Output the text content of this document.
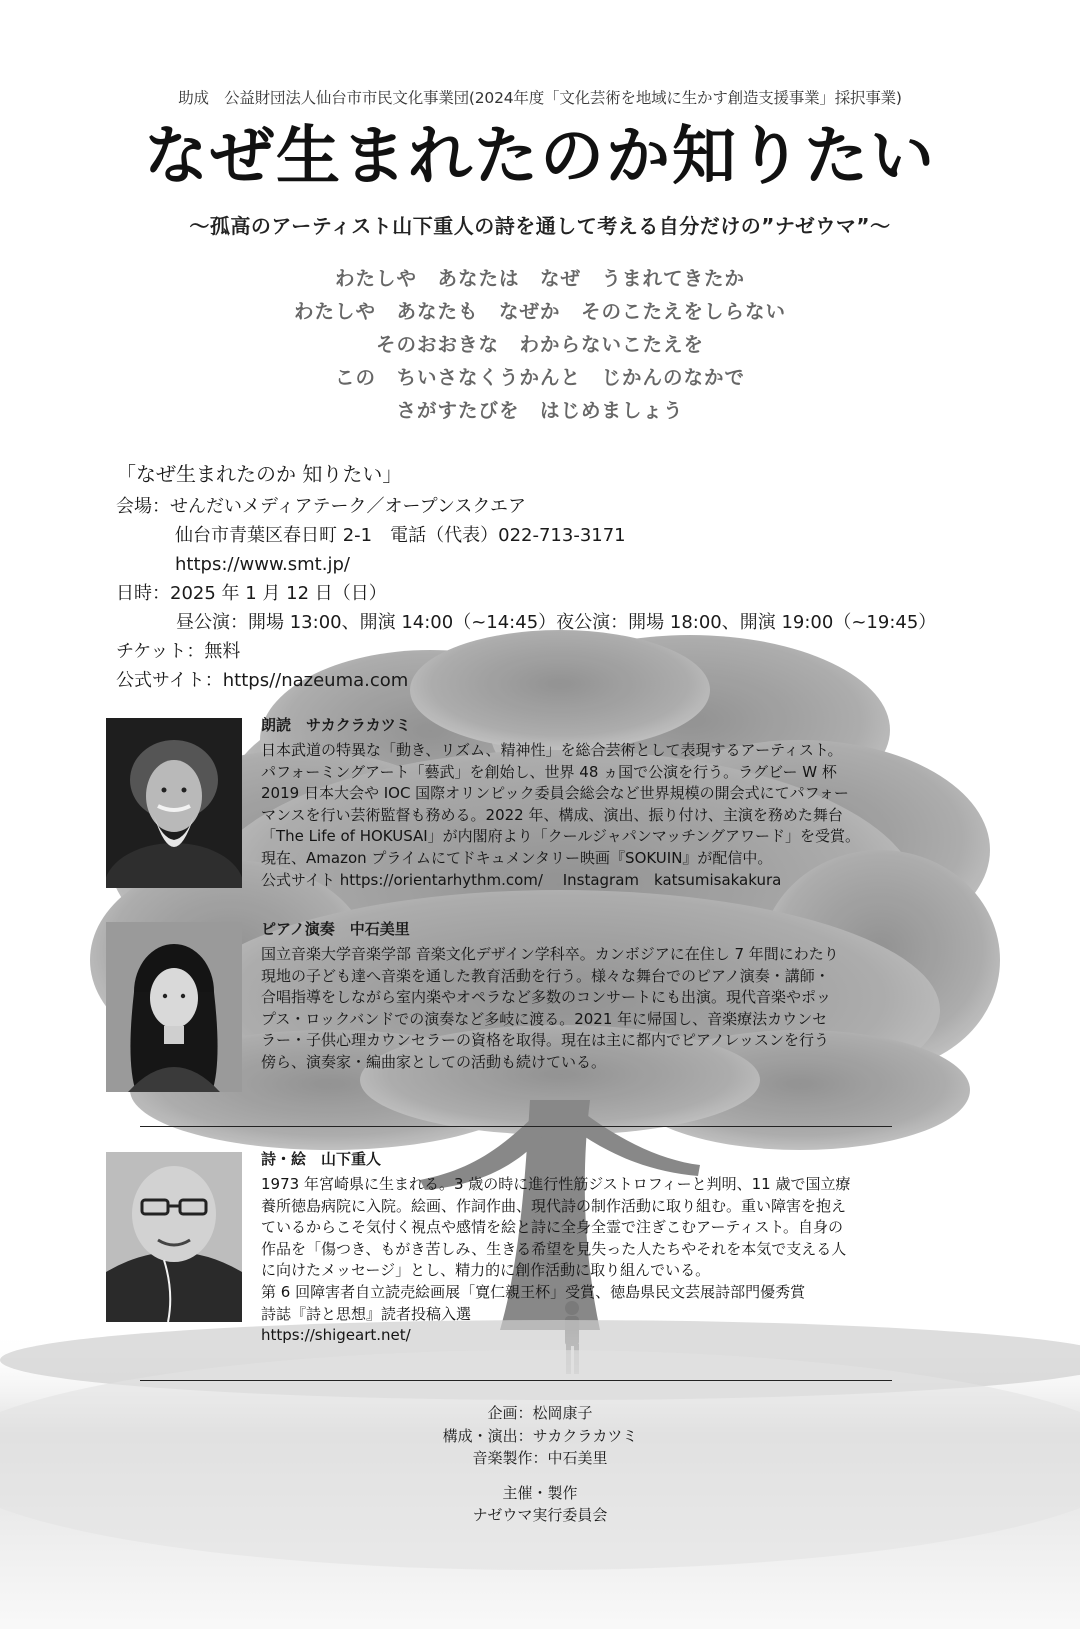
助成　公益財団法人仙台市市民文化事業団(2024年度「文化芸術を地域に生かす創造支援事業」採択事業)
なぜ生まれたのか知りたい
〜孤高のアーティスト山下重人の詩を通して考える自分だけの”ナゼウマ”〜
わたしや　あなたは　なぜ　うまれてきたか
わたしや　あなたも　なぜか　そのこたえをしらない
そのおおきな　わからないこたえを
この　ちいさなくうかんと　じかんのなかで
さがすたびを　はじめましょう
「なぜ生まれたのか 知りたい」
会場：せんだいメディアテーク／オープンスクエア
仙台市青葉区春日町 2-1　電話（代表）022-713-3171
https://www.smt.jp/
日時：2025 年 1 月 12 日（日）
昼公演：開場 13:00、開演 14:00（~14:45）夜公演：開場 18:00、開演 19:00（~19:45）
チケット：無料
公式サイト：https//nazeuma.com
朗読　サカクラカツミ
日本武道の特異な「動き、リズム、精神性」を総合芸術として表現するアーティスト。
パフォーミングアート「藝武」を創始し、世界 48 ヵ国で公演を行う。ラグビー W 杯
2019 日本大会や IOC 国際オリンピック委員会総会など世界規模の開会式にてパフォー
マンスを行い芸術監督も務める。2022 年、構成、演出、振り付け、主演を務めた舞台
「The Life of HOKUSAI」が内閣府より「クールジャパンマッチングアワード」を受賞。
現在、Amazon プライムにてドキュメンタリー映画『SOKUIN』が配信中。
公式サイト https://orientarhythm.com/　 Instagram　katsumisakakura
ピアノ演奏　中石美里
国立音楽大学音楽学部 音楽文化デザイン学科卒。カンボジアに在住し 7 年間にわたり
現地の子ども達へ音楽を通した教育活動を行う。様々な舞台でのピアノ演奏・講師・
合唱指導をしながら室内楽やオペラなど多数のコンサートにも出演。現代音楽やポッ
プス・ロックバンドでの演奏など多岐に渡る。2021 年に帰国し、音楽療法カウンセ
ラー・子供心理カウンセラーの資格を取得。現在は主に都内でピアノレッスンを行う
傍ら、演奏家・編曲家としての活動も続けている。
詩・絵　山下重人
1973 年宮崎県に生まれる。3 歳の時に進行性筋ジストロフィーと判明、11 歳で国立療
養所徳島病院に入院。絵画、作詞作曲、現代詩の制作活動に取り組む。重い障害を抱え
ているからこそ気付く視点や感情を絵と詩に全身全霊で注ぎこむアーティスト。自身の
作品を「傷つき、もがき苦しみ、生きる希望を見失った人たちやそれを本気で支える人
に向けたメッセージ」とし、精力的に創作活動に取り組んでいる。
第 6 回障害者自立読売絵画展「寛仁親王杯」受賞、徳島県民文芸展詩部門優秀賞
詩誌『詩と思想』読者投稿入選
https://shigeart.net/
企画：松岡康子
構成・演出：サカクラカツミ
音楽製作：中石美里
主催・製作
ナゼウマ実行委員会
